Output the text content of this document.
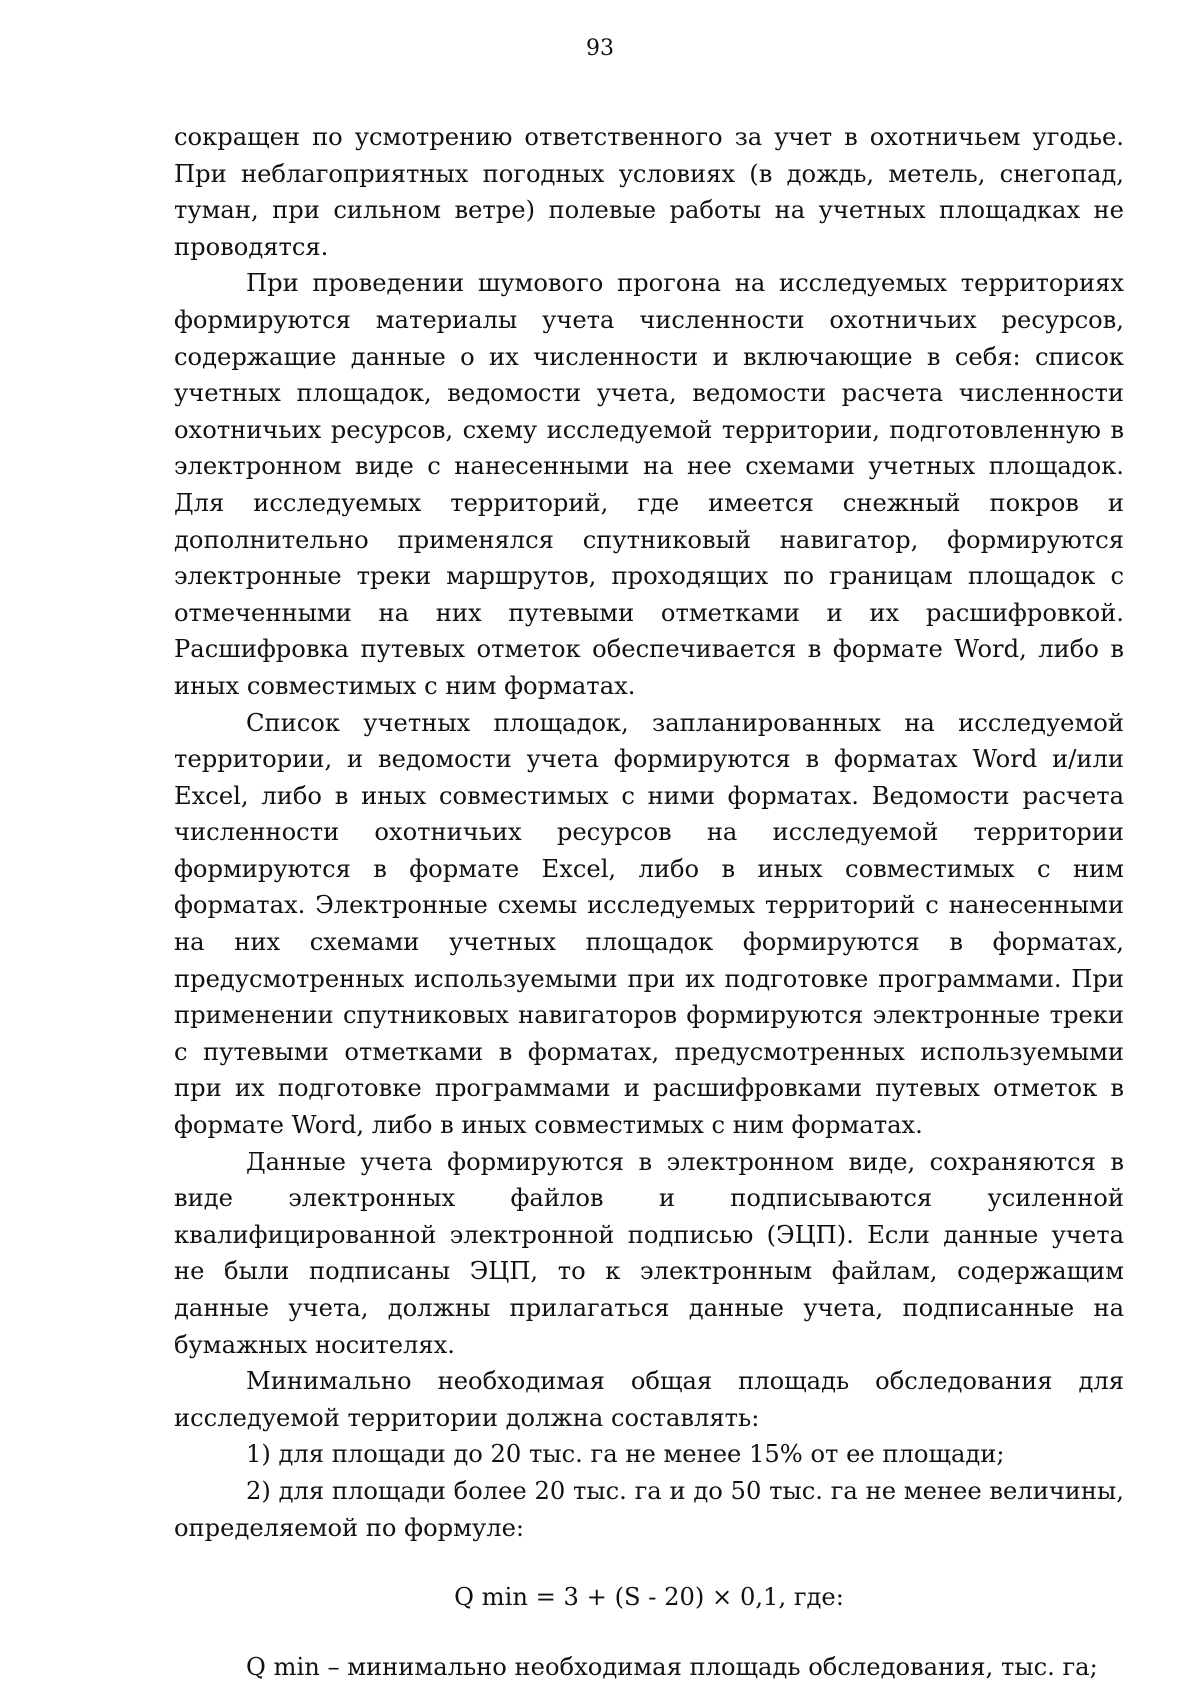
93

сокращен по усмотрению ответственного за учет в охотничьем угодье. При неблагоприятных погодных условиях (в дождь, метель, снегопад, туман, при сильном ветре) полевые работы на учетных площадках не проводятся.

При проведении шумового прогона на исследуемых территориях формируются материалы учета численности охотничьих ресурсов, содержащие данные о их численности и включающие в себя: список учетных площадок, ведомости учета, ведомости расчета численности охотничьих ресурсов, схему исследуемой территории, подготовленную в электронном виде с нанесенными на нее схемами учетных площадок. Для исследуемых территорий, где имеется снежный покров и дополнительно применялся спутниковый навигатор, формируются электронные треки маршрутов, проходящих по границам площадок с отмеченными на них путевыми отметками и их расшифровкой. Расшифровка путевых отметок обеспечивается в формате Word, либо в иных совместимых с ним форматах.

Список учетных площадок, запланированных на исследуемой территории, и ведомости учета формируются в форматах Word и/или Excel, либо в иных совместимых с ними форматах. Ведомости расчета численности охотничьих ресурсов на исследуемой территории формируются в формате Excel, либо в иных совместимых с ним форматах. Электронные схемы исследуемых территорий с нанесенными на них схемами учетных площадок формируются в форматах, предусмотренных используемыми при их подготовке программами. При применении спутниковых навигаторов формируются электронные треки с путевыми отметками в форматах, предусмотренных используемыми при их подготовке программами и расшифровками путевых отметок в формате Word, либо в иных совместимых с ним форматах.

Данные учета формируются в электронном виде, сохраняются в виде электронных файлов и подписываются усиленной квалифицированной электронной подписью (ЭЦП). Если данные учета не были подписаны ЭЦП, то к электронным файлам, содержащим данные учета, должны прилагаться данные учета, подписанные на бумажных носителях.

Минимально необходимая общая площадь обследования для исследуемой территории должна составлять:

1) для площади до 20 тыс. га не менее 15% от ее площади;

2) для площади более 20 тыс. га и до 50 тыс. га не менее величины, определяемой по формуле:

Q min = 3 + (S - 20) × 0,1, где:

Q min – минимально необходимая площадь обследования, тыс. га;
